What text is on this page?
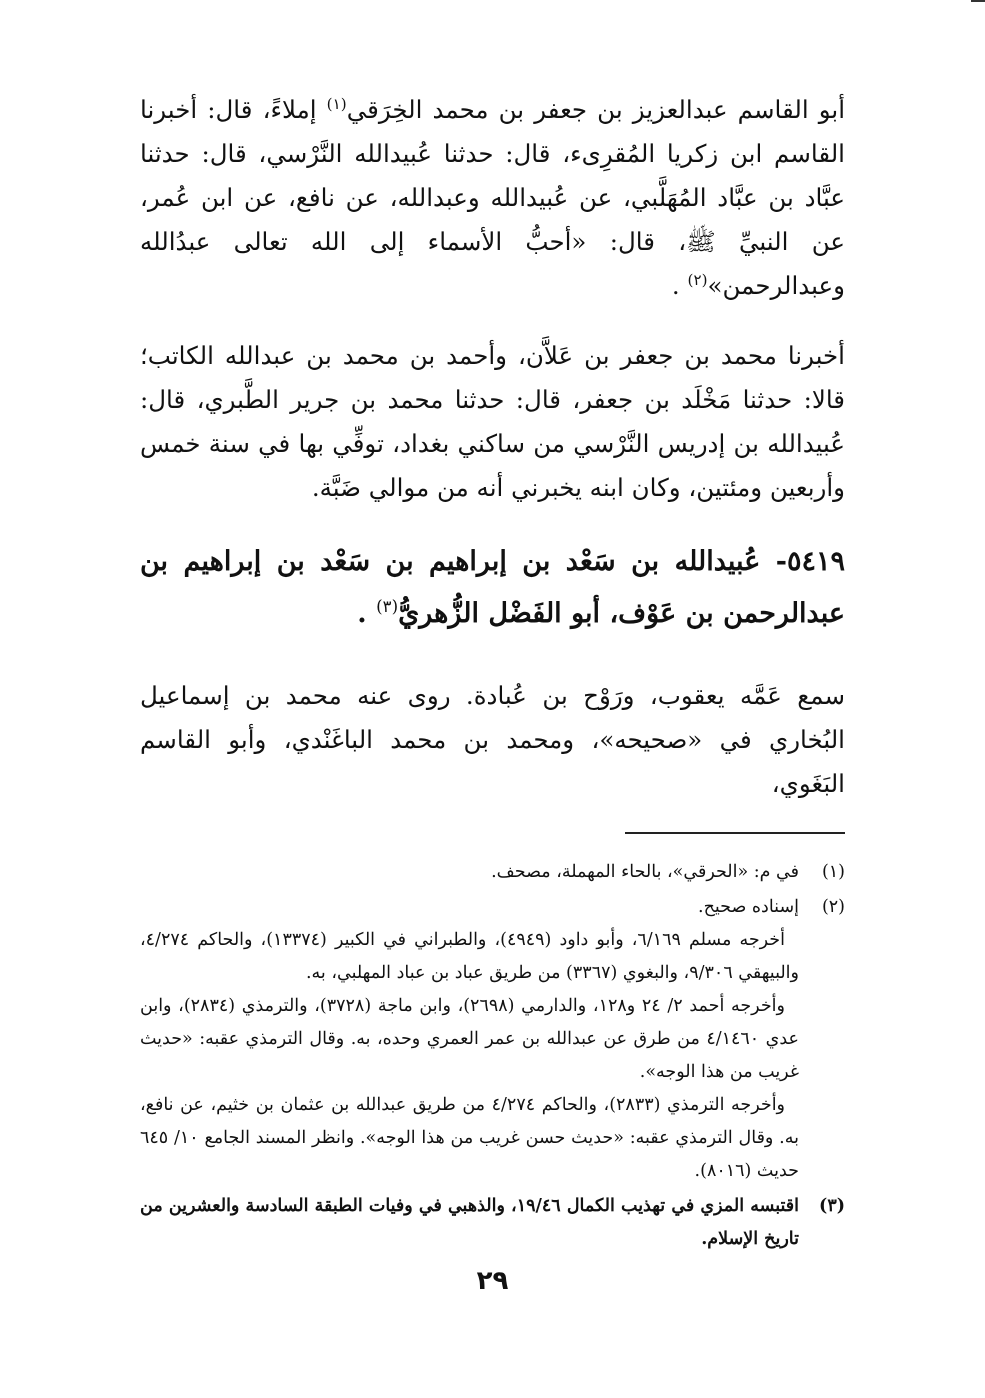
أبو القاسم عبدالعزيز بن جعفر بن محمد الخِرَقي$^{(١)}$ إملاءً، قال: أخبرنا القاسم ابن زكريا المُقرِىء، قال: حدثنا عُبيدالله النَّرْسي، قال: حدثنا عبَّاد بن عبَّاد المُهَلَّبي، عن عُبيدالله وعبدالله، عن نافع، عن ابن عُمر، عن النبيِّ ﷺ، قال: «أحبُّ الأسماء إلى الله تعالى عبدُالله وعبدالرحمن»$^{(٢)}$ .

أخبرنا محمد بن جعفر بن عَلاَّن، وأحمد بن محمد بن عبدالله الكاتب؛ قالا: حدثنا مَخْلَد بن جعفر، قال: حدثنا محمد بن جرير الطَّبري، قال: عُبيدالله بن إدريس النَّرْسي من ساكني بغداد، توفِّي بها في سنة خمس وأربعين ومئتين، وكان ابنه يخبرني أنه من موالي ضَبَّة.

٥٤١٩- عُبيدالله بن سَعْد بن إبراهيم بن سَعْد بن إبراهيم بن عبدالرحمن بن عَوْف، أبو الفَضْل الزُّهريُّ$^{(٣)}$ .

سمع عَمَّه يعقوب، ورَوْح بن عُبادة. روى عنه محمد بن إسماعيل البُخاري في «صحيحه»، ومحمد بن محمد الباغَنْدي، وأبو القاسم البَغَوي،

(١)

في م: «الحرقي»، بالحاء المهملة، مصحف.

(٢)

إسناده صحيح.

أخرجه مسلم ٦/١٦٩، وأبو داود (٤٩٤٩)، والطبراني في الكبير (١٣٣٧٤)، والحاكم ٤/٢٧٤، والبيهقي ٩/٣٠٦، والبغوي (٣٣٦٧) من طريق عباد بن عباد المهلبي، به.

وأخرجه أحمد ٢/ ٢٤ و١٢٨، والدارمي (٢٦٩٨)، وابن ماجة (٣٧٢٨)، والترمذي (٢٨٣٤)، وابن عدي ٤/١٤٦٠ من طرق عن عبدالله بن عمر العمري وحده، به. وقال الترمذي عقبه: «حديث غريب من هذا الوجه».

وأخرجه الترمذي (٢٨٣٣)، والحاكم ٤/٢٧٤ من طريق عبدالله بن عثمان بن خثيم، عن نافع، به. وقال الترمذي عقبه: «حديث حسن غريب من هذا الوجه». وانظر المسند الجامع ١٠/ ٦٤٥ حديث (٨٠١٦).

(٣)

اقتبسه المزي في تهذيب الكمال ١٩/٤٦، والذهبي في وفيات الطبقة السادسة والعشرين من تاريخ الإسلام.

٢٩
